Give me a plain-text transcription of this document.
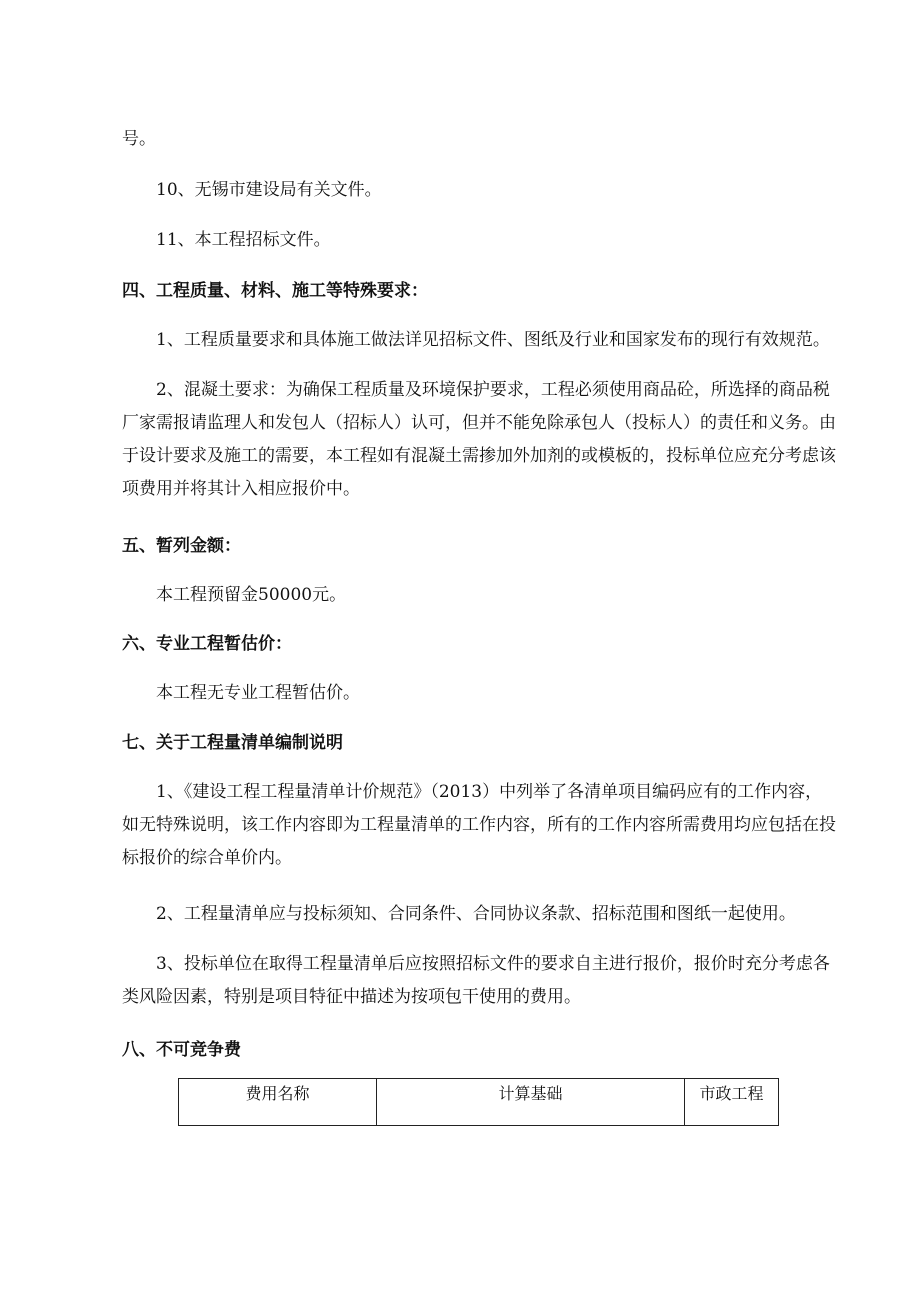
号。
10、无锡市建设局有关文件。
11、本工程招标文件。
四、工程质量、材料、施工等特殊要求：
1、工程质量要求和具体施工做法详见招标文件、图纸及行业和国家发布的现行有效规范。
2、混凝土要求：为确保工程质量及环境保护要求，工程必须使用商品砼，所选择的商品税厂家需报请监理人和发包人（招标人）认可，但并不能免除承包人（投标人）的责任和义务。由于设计要求及施工的需要，本工程如有混凝土需掺加外加剂的或模板的，投标单位应充分考虑该项费用并将其计入相应报价中。
五、暂列金额：
本工程预留金50000元。
六、专业工程暂估价：
本工程无专业工程暂估价。
七、关于工程量清单编制说明
1、《建设工程工程量清单计价规范》（2013）中列举了各清单项目编码应有的工作内容，如无特殊说明，该工作内容即为工程量清单的工作内容，所有的工作内容所需费用均应包括在投标报价的综合单价内。
2、工程量清单应与投标须知、合同条件、合同协议条款、招标范围和图纸一起使用。
3、投标单位在取得工程量清单后应按照招标文件的要求自主进行报价，报价时充分考虑各类风险因素，特别是项目特征中描述为按项包干使用的费用。
八、不可竞争费
费用名称	计算基础	市政工程
